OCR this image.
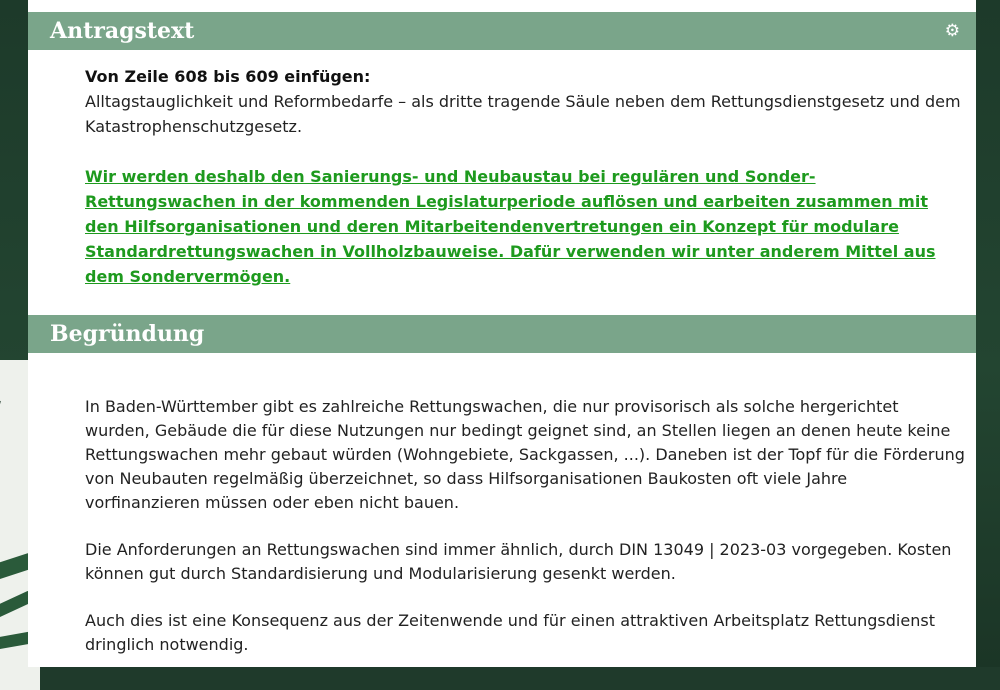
Antragstext	⚙
Von Zeile 608 bis 609 einfügen:
Alltagstauglichkeit und Reformbedarfe – als dritte tragende Säule neben dem Rettungsdienstgesetz und dem Katastrophenschutzgesetz.
Wir werden deshalb den Sanierungs- und Neubaustau bei regulären und Sonder-Rettungswachen in der kommenden Legislaturperiode auflösen und earbeiten zusammen mit den Hilfsorganisationen und deren Mitarbeitendenvertretungen ein Konzept für modulare Standardrettungswachen in Vollholzbauweise. Dafür verwenden wir unter anderem Mittel aus dem Sondervermögen.
Begründung

In Baden-Württember gibt es zahlreiche Rettungswachen, die nur provisorisch als solche hergerichtet wurden, Gebäude die für diese Nutzungen nur bedingt geignet sind, an Stellen liegen an denen heute keine Rettungswachen mehr gebaut würden (Wohngebiete, Sackgassen, ...). Daneben ist der Topf für die Förderung von Neubauten regelmäßig überzeichnet, so dass Hilfsorganisationen Baukosten oft viele Jahre vorfinanzieren müssen oder eben nicht bauen.

Die Anforderungen an Rettungswachen sind immer ähnlich, durch DIN 13049 | 2023-03 vorgegeben. Kosten können gut durch Standardisierung und Modularisierung gesenkt werden.

Auch dies ist eine Konsequenz aus der Zeitenwende und für einen attraktiven Arbeitsplatz Rettungsdienst dringlich notwendig.
